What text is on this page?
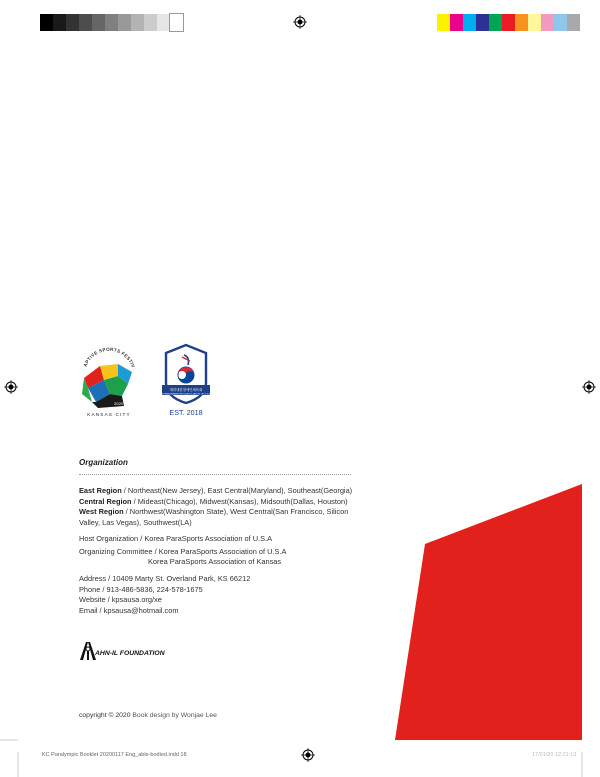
APTIVE SPORTS FESTIV
2020
KANSAS CITY
재미대한장애인체육회
KOREA PARASPORTS ASSOCIATION OF U.S.A
EST. 2018
Organization
East Region / Northeast(New Jersey), East Central(Maryland), Southeast(Georgia)
Central Region / Mideast(Chicago), Midwest(Kansas), Midsouth(Dallas, Houston)
West Region / Northwest(Washington State), West Central(San Francisco, Silicon
Valley, Las Vegas), Southwest(LA)
Host Organization / Korea ParaSports Association of U.S.A
Organizing Committee / Korea ParaSports Association of U.S.A
Korea ParaSports Association of Kansas
Address / 10409 Marty St. Overland Park, KS 66212
Phone / 913-486-5836, 224-578-1675
Website / kpsausa.org/xe
Email / kpsausa@hotmail.com
AHN-IL FOUNDATION
copyright © 2020 Book design by Wonjae Lee
KC Paralympic Booklet 20200117 Eng_able-bodied.indd 18	17/01/20 12:21:13
